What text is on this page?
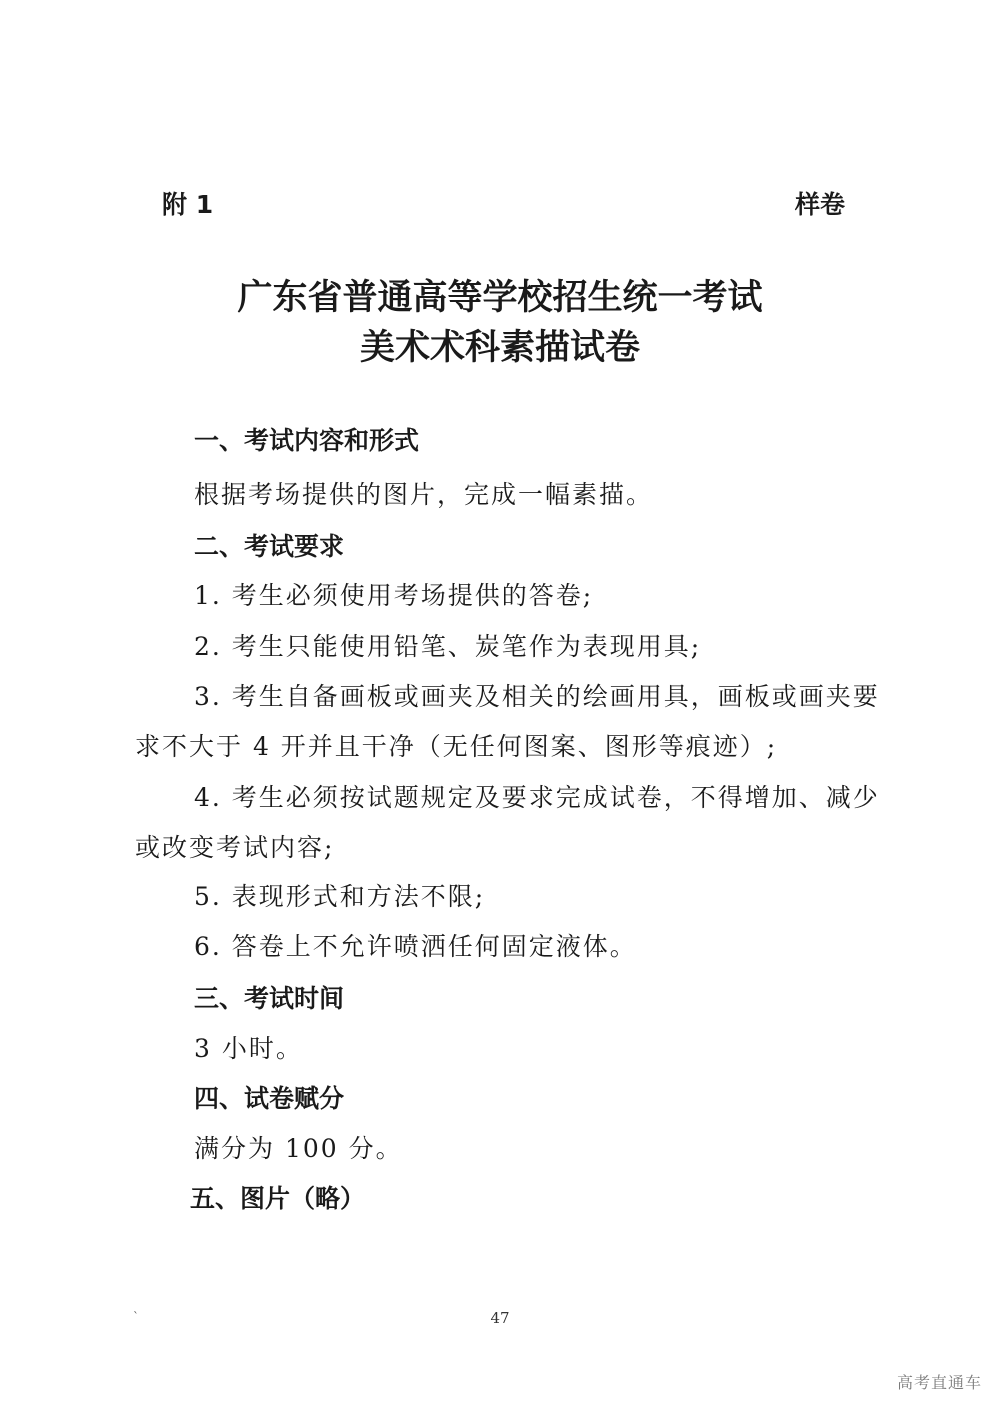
附 1	样卷
广东省普通高等学校招生统一考试
美术术科素描试卷
一、考试内容和形式
根据考场提供的图片，完成一幅素描。
二、考试要求
1. 考生必须使用考场提供的答卷;
2. 考生只能使用铅笔、炭笔作为表现用具;
3. 考生自备画板或画夹及相关的绘画用具，画板或画夹要
求不大于 4 开并且干净（无任何图案、图形等痕迹）;
4. 考生必须按试题规定及要求完成试卷，不得增加、减少
或改变考试内容;
5. 表现形式和方法不限;
6. 答卷上不允许喷洒任何固定液体。
三、考试时间
3 小时。
四、试卷赋分
满分为 100 分。
五、图片（略）
`	47
高考直通车
